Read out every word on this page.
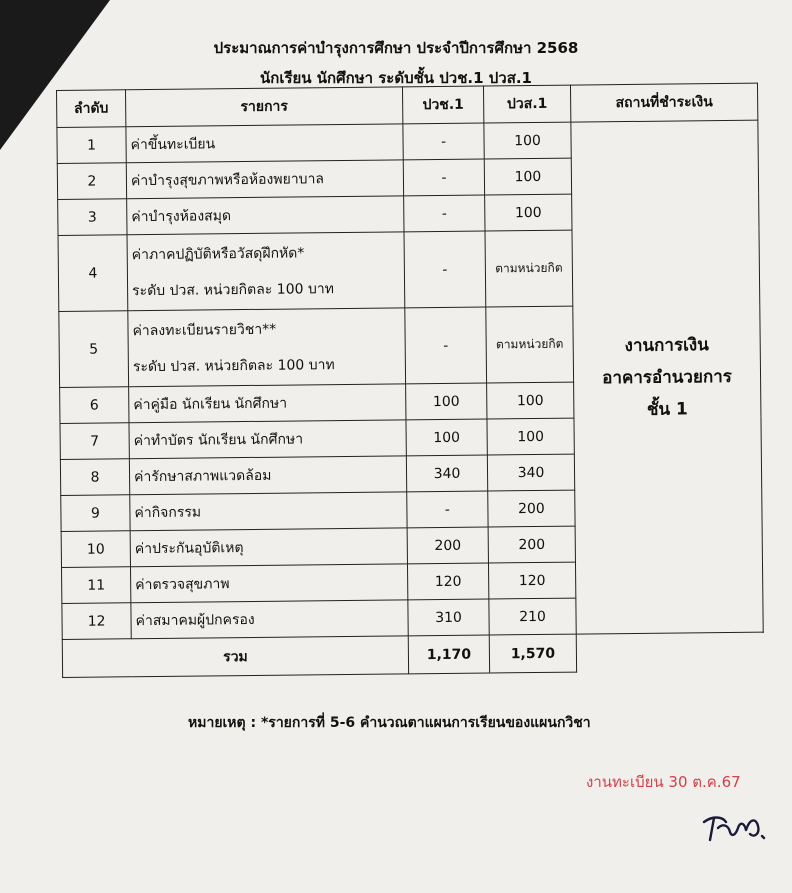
ประมาณการค่าบำรุงการศึกษา ประจำปีการศึกษา 2568
นักเรียน นักศึกษา ระดับชั้น ปวช.1 ปวส.1
ลำดับ	รายการ	ปวช.1	ปวส.1	สถานที่ชำระเงิน
1	ค่าขึ้นทะเบียน	-	100	งานการเงิน
อาคารอำนวยการ
ชั้น 1
2	ค่าบำรุงสุขภาพหรือห้องพยาบาล	-	100	
3	ค่าบำรุงห้องสมุด	-	100	
4	ค่าภาคปฏิบัติหรือวัสดุฝึกหัด*
ระดับ ปวส. หน่วยกิตละ 100 บาท	-	ตามหน่วยกิต	
5	ค่าลงทะเบียนรายวิชา**
ระดับ ปวส. หน่วยกิตละ 100 บาท	-	ตามหน่วยกิต	
6	ค่าคู่มือ นักเรียน นักศึกษา	100	100	
7	ค่าทำบัตร นักเรียน นักศึกษา	100	100	
8	ค่ารักษาสภาพแวดล้อม	340	340	
9	ค่ากิจกรรม	-	200	
10	ค่าประกันอุบัติเหตุ	200	200	
11	ค่าตรวจสุขภาพ	120	120	
12	ค่าสมาคมผู้ปกครอง	310	210	
รวม		1,170	1,570	
หมายเหตุ : *รายการที่ 5-6 คำนวณตาแผนการเรียนของแผนกวิชา
งานทะเบียน 30 ต.ค.67
